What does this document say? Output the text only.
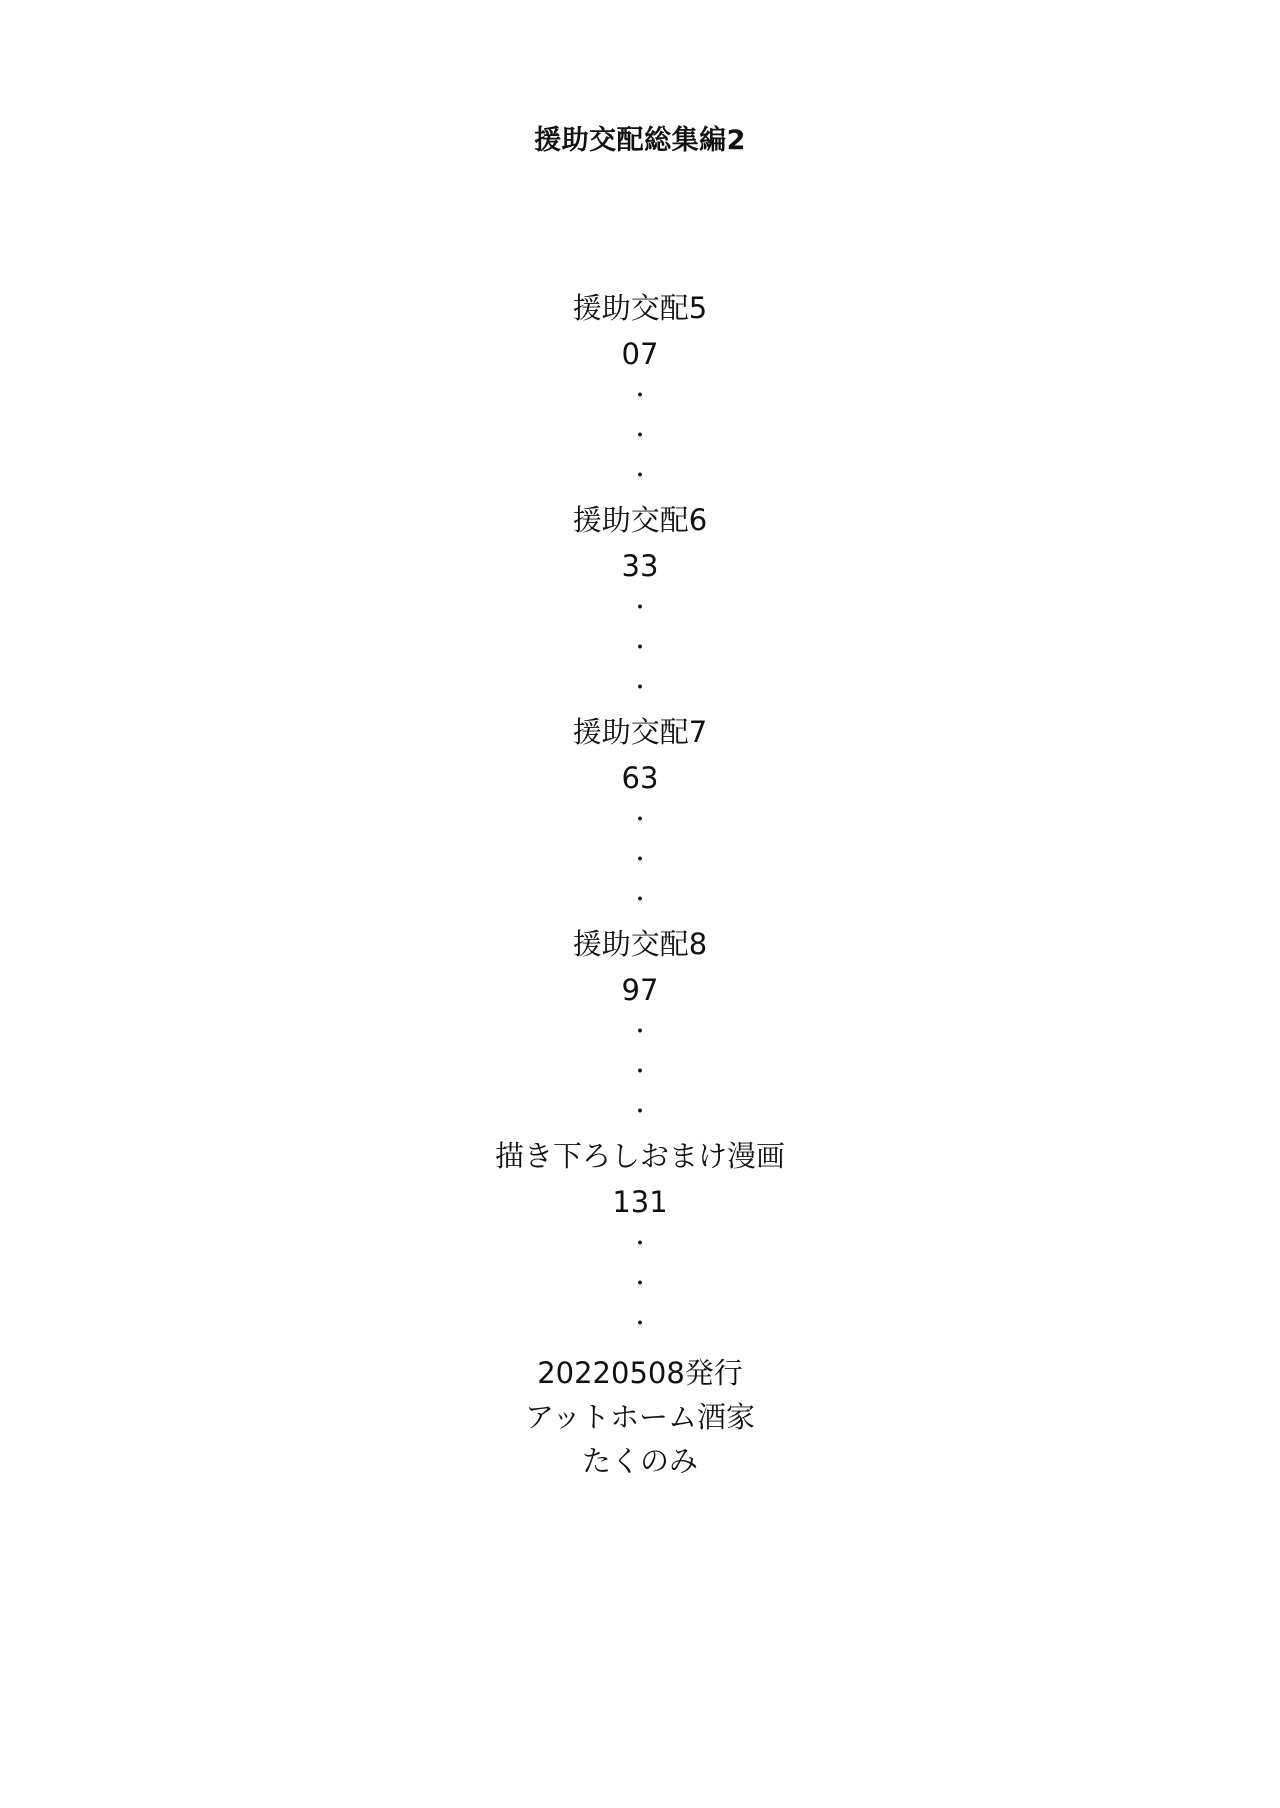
援助交配総集編2
援助交配5
07
・
・
・
援助交配6
33
・
・
・
援助交配7
63
・
・
・
援助交配8
97
・
・
・
描き下ろしおまけ漫画
131
・
・
・
20220508発行
アットホーム酒家
たくのみ
